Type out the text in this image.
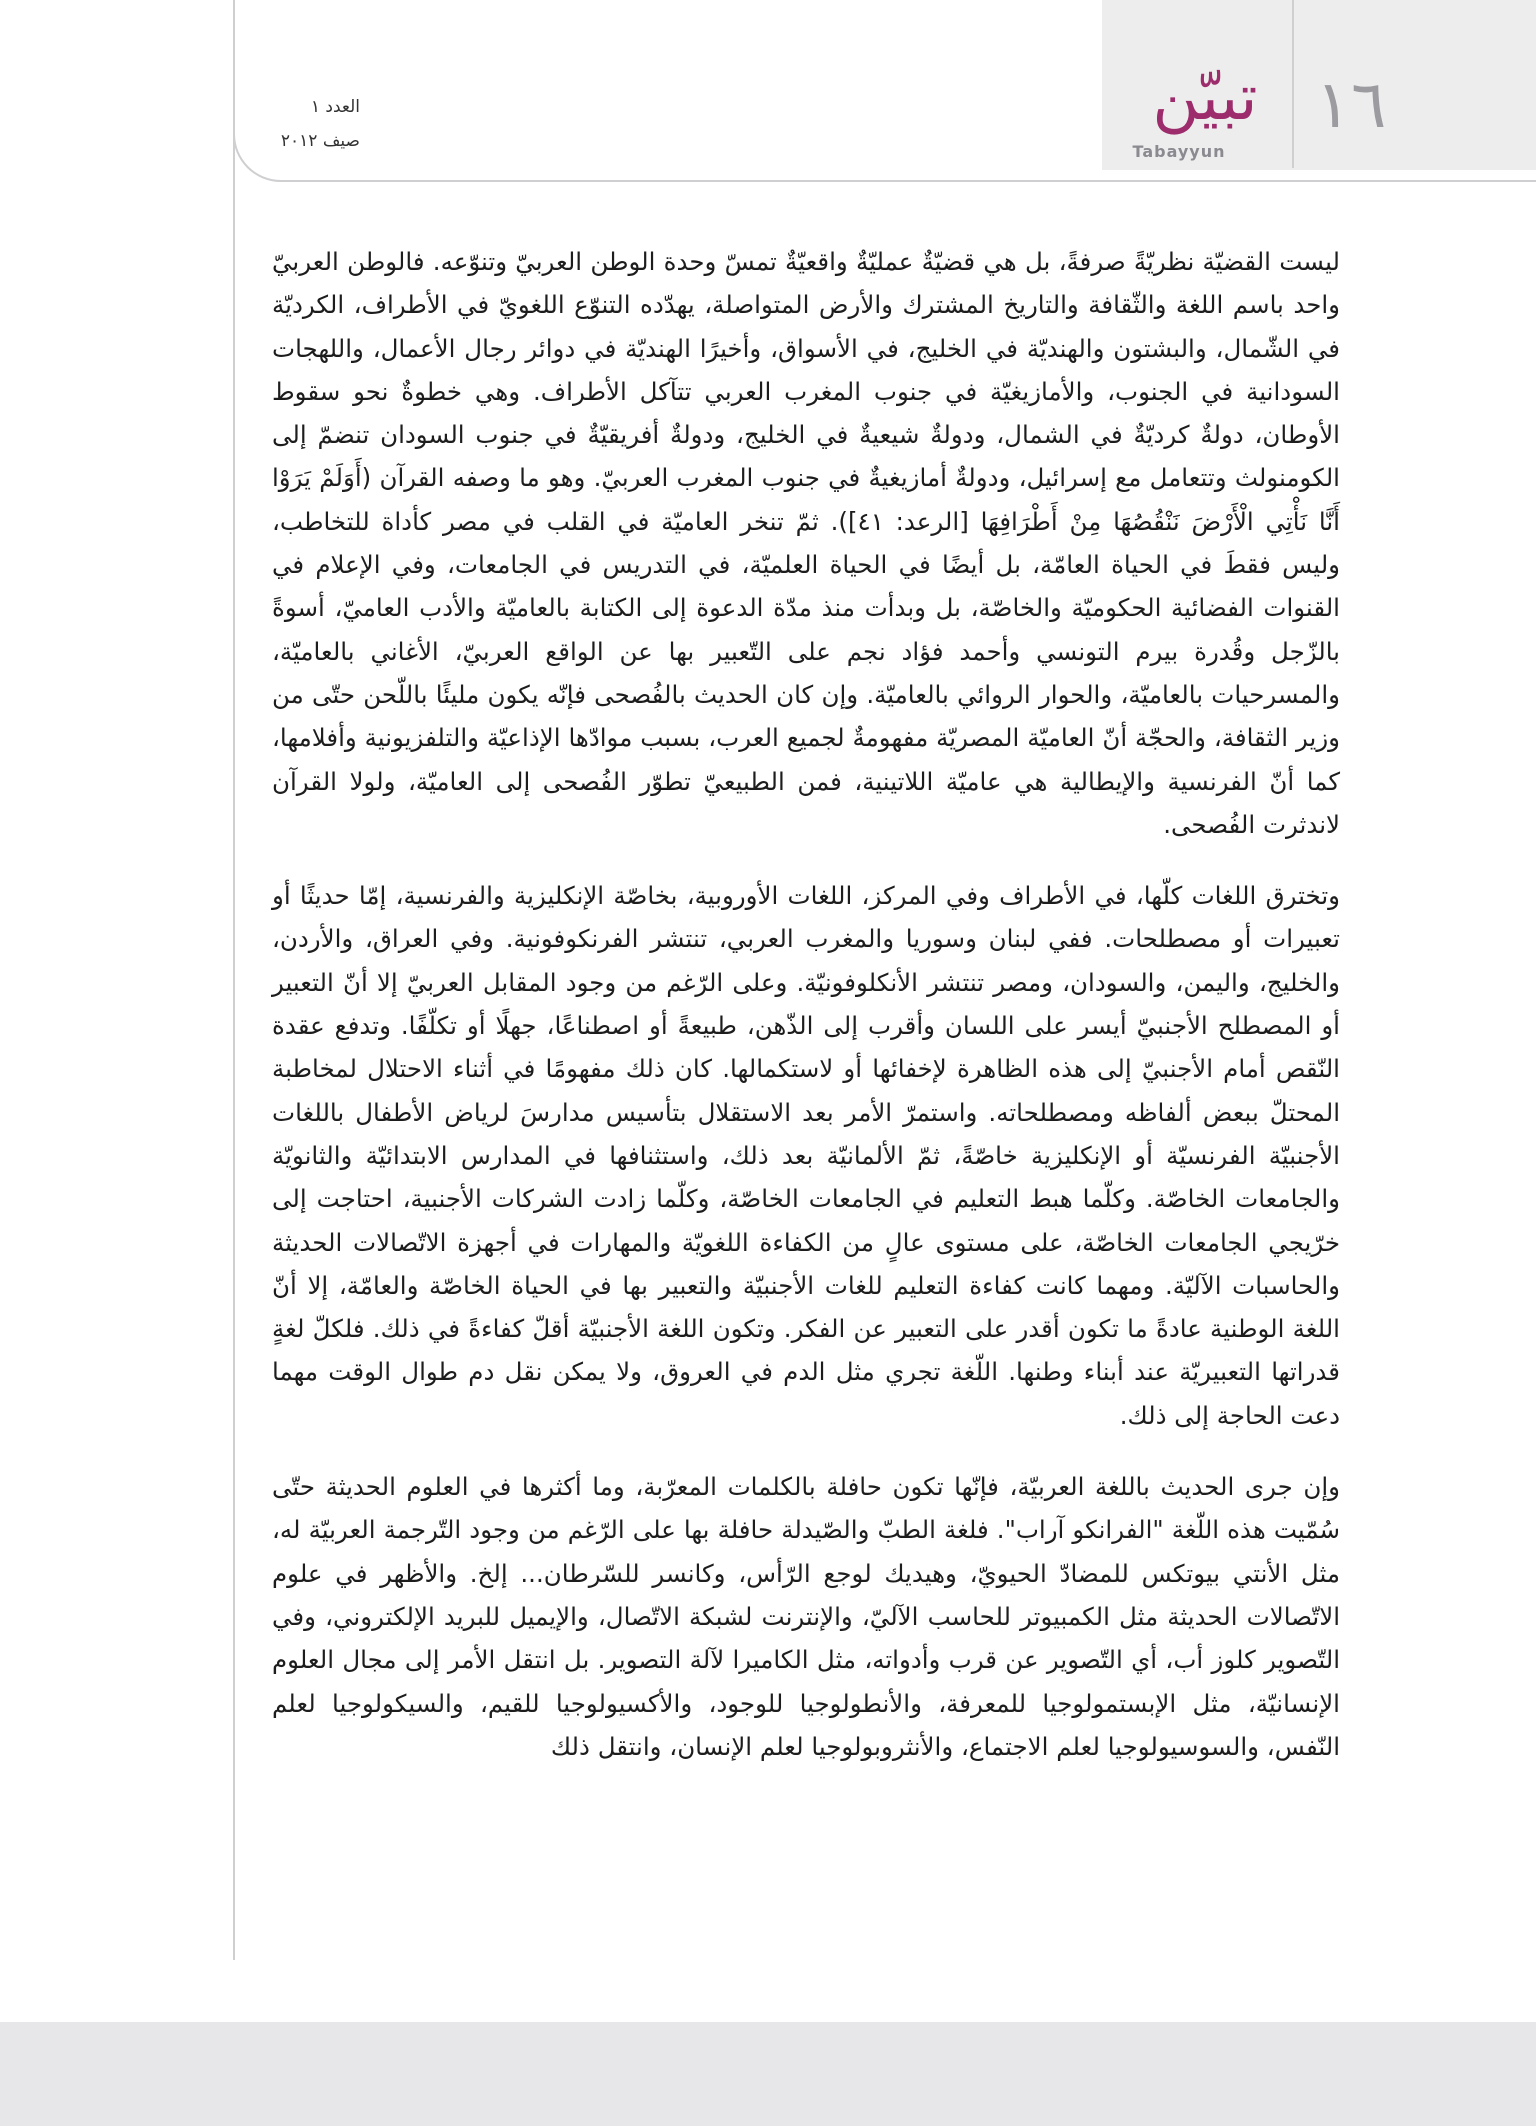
١٦
تبيّن
Tabayyun
العدد ١
صيف ٢٠١٢

ليست القضيّة نظريّةً صرفةً، بل هي قضيّةٌ عمليّةٌ واقعيّةٌ تمسّ وحدة الوطن العربيّ وتنوّعه. فالوطن العربيّ واحد باسم اللغة والثّقافة والتاريخ المشترك والأرض المتواصلة، يهدّده التنوّع اللغويّ في الأطراف، الكرديّة في الشّمال، والبشتون والهنديّة في الخليج، في الأسواق، وأخيرًا الهنديّة في دوائر رجال الأعمال، واللهجات السودانية في الجنوب، والأمازيغيّة في جنوب المغرب العربي تتآكل الأطراف. وهي خطوةٌ نحو سقوط الأوطان، دولةٌ كرديّةٌ في الشمال، ودولةٌ شيعيةٌ في الخليج، ودولةٌ أفريقيّةٌ في جنوب السودان تنضمّ إلى الكومنولث وتتعامل مع إسرائيل، ودولةٌ أمازيغيةٌ في جنوب المغرب العربيّ. وهو ما وصفه القرآن (أَوَلَمْ يَرَوْا أَنَّا نَأْتِي الْأَرْضَ نَنْقُصُهَا مِنْ أَطْرَافِهَا [الرعد: ٤١]). ثمّ تنخر العاميّة في القلب في مصر كأداة للتخاطب، وليس فقطَ في الحياة العامّة، بل أيضًا في الحياة العلميّة، في التدريس في الجامعات، وفي الإعلام في القنوات الفضائية الحكوميّة والخاصّة، بل وبدأت منذ مدّة الدعوة إلى الكتابة بالعاميّة والأدب العاميّ، أسوةً بالزّجل وقُدرة بيرم التونسي وأحمد فؤاد نجم على التّعبير بها عن الواقع العربيّ، الأغاني بالعاميّة، والمسرحيات بالعاميّة، والحوار الروائي بالعاميّة. وإن كان الحديث بالفُصحى فإنّه يكون مليئًا باللّحن حتّى من وزير الثقافة، والحجّة أنّ العاميّة المصريّة مفهومةٌ لجميع العرب، بسبب موادّها الإذاعيّة والتلفزيونية وأفلامها، كما أنّ الفرنسية والإيطالية هي عاميّة اللاتينية، فمن الطبيعيّ تطوّر الفُصحى إلى العاميّة، ولولا القرآن لاندثرت الفُصحى.

وتخترق اللغات كلّها، في الأطراف وفي المركز، اللغات الأوروبية، بخاصّة الإنكليزية والفرنسية، إمّا حديثًا أو تعبيرات أو مصطلحات. ففي لبنان وسوريا والمغرب العربي، تنتشر الفرنكوفونية. وفي العراق، والأردن، والخليج، واليمن، والسودان، ومصر تنتشر الأنكلوفونيّة. وعلى الرّغم من وجود المقابل العربيّ إلا أنّ التعبير أو المصطلح الأجنبيّ أيسر على اللسان وأقرب إلى الذّهن، طبيعةً أو اصطناعًا، جهلًا أو تكلّفًا. وتدفع عقدة النّقص أمام الأجنبيّ إلى هذه الظاهرة لإخفائها أو لاستكمالها. كان ذلك مفهومًا في أثناء الاحتلال لمخاطبة المحتلّ ببعض ألفاظه ومصطلحاته. واستمرّ الأمر بعد الاستقلال بتأسيس مدارسَ لرياض الأطفال باللغات الأجنبيّة الفرنسيّة أو الإنكليزية خاصّةً، ثمّ الألمانيّة بعد ذلك، واستثنافها في المدارس الابتدائيّة والثانويّة والجامعات الخاصّة. وكلّما هبط التعليم في الجامعات الخاصّة، وكلّما زادت الشركات الأجنبية، احتاجت إلى خرّيجي الجامعات الخاصّة، على مستوى عالٍ من الكفاءة اللغويّة والمهارات في أجهزة الاتّصالات الحديثة والحاسبات الآليّة. ومهما كانت كفاءة التعليم للغات الأجنبيّة والتعبير بها في الحياة الخاصّة والعامّة، إلا أنّ اللغة الوطنية عادةً ما تكون أقدر على التعبير عن الفكر. وتكون اللغة الأجنبيّة أقلّ كفاءةً في ذلك. فلكلّ لغةٍ قدراتها التعبيريّة عند أبناء وطنها. اللّغة تجري مثل الدم في العروق، ولا يمكن نقل دم طوال الوقت مهما دعت الحاجة إلى ذلك.

وإن جرى الحديث باللغة العربيّة، فإنّها تكون حافلة بالكلمات المعرّبة، وما أكثرها في العلوم الحديثة حتّى سُمّيت هذه اللّغة "الفرانكو آراب". فلغة الطبّ والصّيدلة حافلة بها على الرّغم من وجود التّرجمة العربيّة له، مثل الأنتي بيوتكس للمضادّ الحيويّ، وهيديك لوجع الرّأس، وكانسر للسّرطان... إلخ. والأظهر في علوم الاتّصالات الحديثة مثل الكمبيوتر للحاسب الآليّ، والإنترنت لشبكة الاتّصال، والإيميل للبريد الإلكتروني، وفي التّصوير كلوز أب، أي التّصوير عن قرب وأدواته، مثل الكاميرا لآلة التصوير. بل انتقل الأمر إلى مجال العلوم الإنسانيّة، مثل الإبستمولوجيا للمعرفة، والأنطولوجيا للوجود، والأكسيولوجيا للقيم، والسيكولوجيا لعلم النّفس، والسوسيولوجيا لعلم الاجتماع، والأنثروبولوجيا لعلم الإنسان، وانتقل ذلك
